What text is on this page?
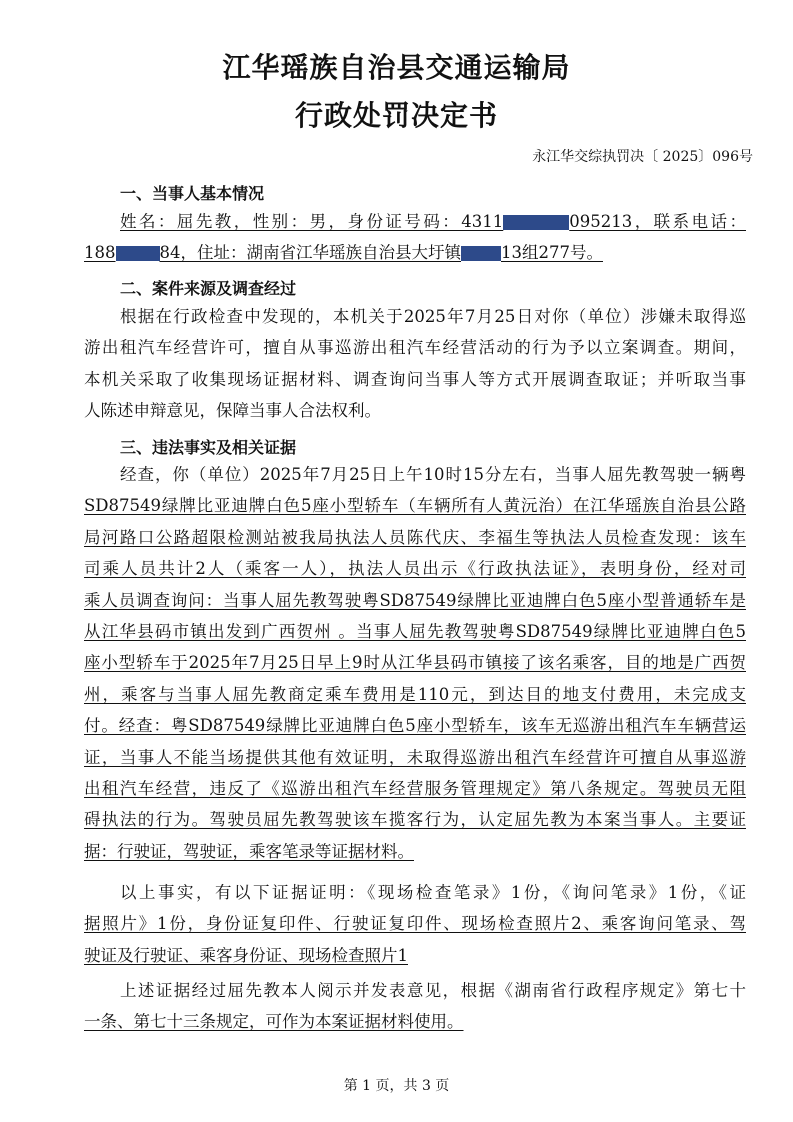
江华瑶族自治县交通运输局
行政处罚决定书
永江华交综执罚决〔 2025〕096号
一、当事人基本情况
姓名：屈先教，性别：男，身份证号码：4311	095213，联系电话：
188	84，住址：湖南省江华瑶族自治县大圩镇 13组277号。
二、案件来源及调查经过
根据在行政检查中发现的，本机关于2025年7月25日对你（单位）涉嫌未取得巡
游出租汽车经营许可，擅自从事巡游出租汽车经营活动的行为予以立案调查。期间，
本机关采取了收集现场证据材料、调查询问当事人等方式开展调查取证；并听取当事
人陈述申辩意见，保障当事人合法权利。
三、违法事实及相关证据
经查，你（单位）2025年7月25日上午10时15分左右，当事人屈先教驾驶一辆粤
SD87549绿牌比亚迪牌白色5座小型轿车（车辆所有人黄沅治）在江华瑶族自治县公路
局河路口公路超限检测站被我局执法人员陈代庆、李福生等执法人员检查发现：该车
司乘人员共计2人（乘客一人），执法人员出示《行政执法证》，表明身份，经对司
乘人员调查询问：当事人屈先教驾驶粤SD87549绿牌比亚迪牌白色5座小型普通轿车是
从江华县码市镇出发到广西贺州 。当事人屈先教驾驶粤SD87549绿牌比亚迪牌白色5
座小型轿车于2025年7月25日早上9时从江华县码市镇接了该名乘客，目的地是广西贺
州，乘客与当事人屈先教商定乘车费用是110元，到达目的地支付费用，未完成支
付。经查：粤SD87549绿牌比亚迪牌白色5座小型轿车，该车无巡游出租汽车车辆营运
证，当事人不能当场提供其他有效证明，未取得巡游出租汽车经营许可擅自从事巡游
出租汽车经营，违反了《巡游出租汽车经营服务管理规定》第八条规定。驾驶员无阻
碍执法的行为。驾驶员屈先教驾驶该车揽客行为，认定屈先教为本案当事人。主要证
据：行驶证，驾驶证，乘客笔录等证据材料。
以上事实，有以下证据证明：《现场检查笔录》1份，《询问笔录》1份，《证
据照片》1份，身份证复印件、行驶证复印件、现场检查照片2、乘客询问笔录、驾
驶证及行驶证、乘客身份证、现场检查照片1
上述证据经过屈先教本人阅示并发表意见，根据《湖南省行政程序规定》第七十
一条、第七十三条规定，可作为本案证据材料使用。
第 1 页，共 3 页
